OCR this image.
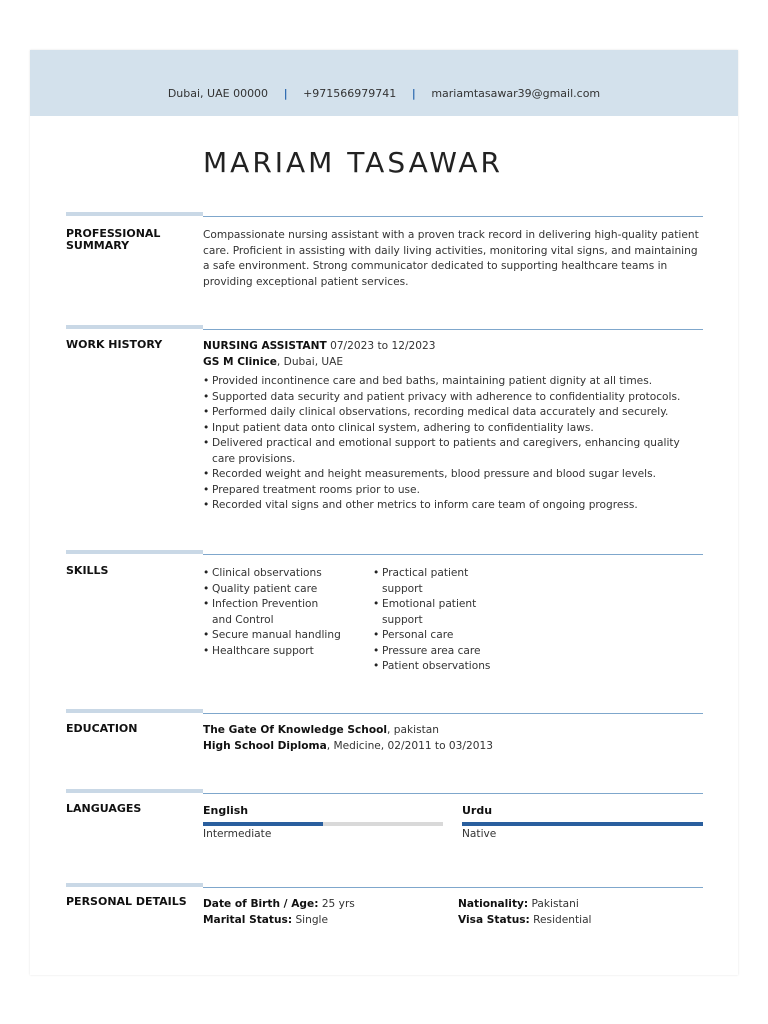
Dubai, UAE 00000 | +971566979741 | mariamtasawar39@gmail.com
MARIAM TASAWAR
PROFESSIONAL
SUMMARY
Compassionate nursing assistant with a proven track record in delivering high-quality patient care. Proficient in assisting with daily living activities, monitoring vital signs, and maintaining a safe environment. Strong communicator dedicated to supporting healthcare teams in providing exceptional patient services.
WORK HISTORY	NURSING ASSISTANT 07/2023 to 12/2023
GS M Clinice, Dubai, UAE
• Provided incontinence care and bed baths, maintaining patient dignity at all times.
• Supported data security and patient privacy with adherence to confidentiality protocols.
• Performed daily clinical observations, recording medical data accurately and securely.
• Input patient data onto clinical system, adhering to confidentiality laws.
• Delivered practical and emotional support to patients and caregivers, enhancing quality care provisions.
• Recorded weight and height measurements, blood pressure and blood sugar levels.
• Prepared treatment rooms prior to use.
• Recorded vital signs and other metrics to inform care team of ongoing progress.
SKILLS
•	Clinical observations
• Quality patient care
• Infection Prevention and Control
• Secure manual handling
• Healthcare support
• Practical patient support
• Emotional patient support
• Personal care
• Pressure area care
• Patient observations
EDUCATION	The Gate Of Knowledge School, pakistan
High School Diploma, Medicine, 02/2011 to 03/2013
LANGUAGES	English
Intermediate
Urdu
Native
PERSONAL DETAILS	Date of Birth / Age: 25 yrs
Marital Status: Single
Nationality: Pakistani
Visa Status: Residential
